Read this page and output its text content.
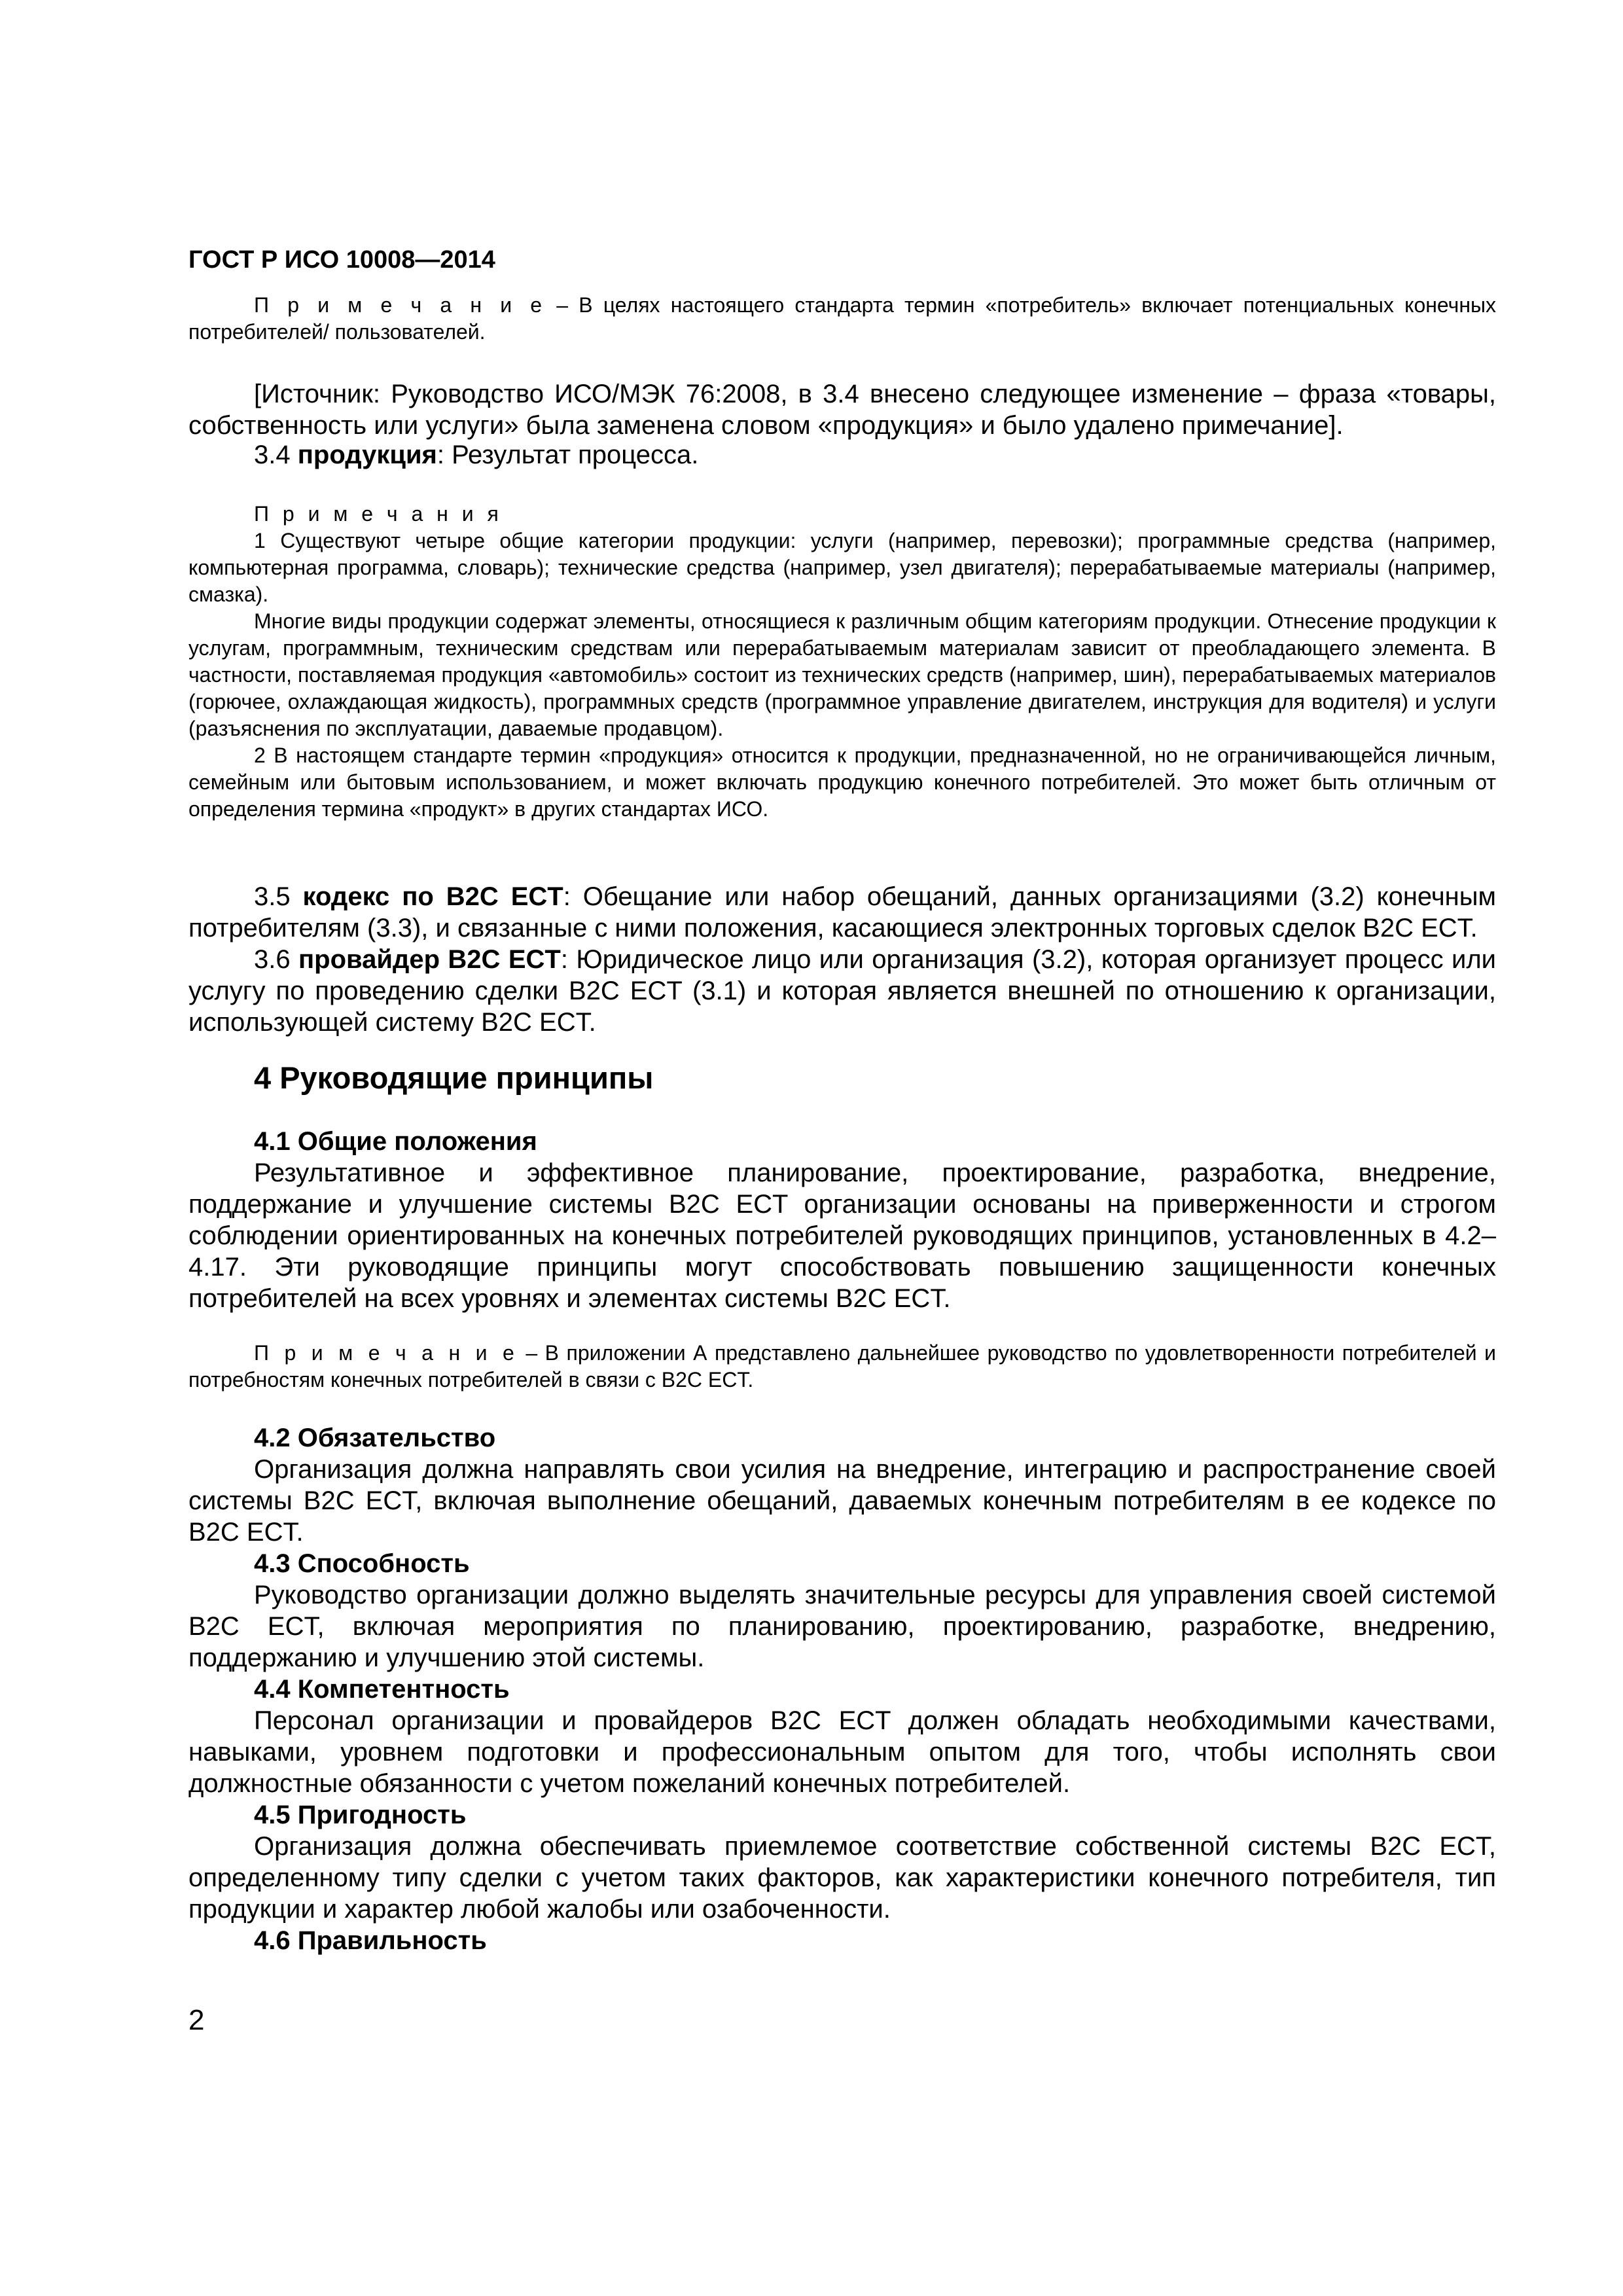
ГОСТ Р ИСО 10008—2014

П р и м е ч а н и е – В целях настоящего стандарта термин «потребитель» включает потенциальных конечных потребителей/ пользователей.

[Источник: Руководство ИСО/МЭК 76:2008, в 3.4 внесено следующее изменение – фраза «товары, собственность или услуги» была заменена словом «продукция» и было удалено примечание].

3.4 продукция: Результат процесса.

П р и м е ч а н и я

1 Существуют четыре общие категории продукции: услуги (например, перевозки); программные средства (например, компьютерная программа, словарь); технические средства (например, узел двигателя); перерабатываемые материалы (например, смазка).

Многие виды продукции содержат элементы, относящиеся к различным общим категориям продукции. Отнесение продукции к услугам, программным, техническим средствам или перерабатываемым материалам зависит от преобладающего элемента. В частности, поставляемая продукция «автомобиль» состоит из технических средств (например, шин), перерабатываемых материалов (горючее, охлаждающая жидкость), программных средств (программное управление двигателем, инструкция для водителя) и услуги (разъяснения по эксплуатации, даваемые продавцом).

2 В настоящем стандарте термин «продукция» относится к продукции, предназначенной, но не ограничивающейся личным, семейным или бытовым использованием, и может включать продукцию конечного потребителей. Это может быть отличным от определения термина «продукт» в других стандартах ИСО.

3.5 кодекс по B2C ECT: Обещание или набор обещаний, данных организациями (3.2) конечным потребителям (3.3), и связанные с ними положения, касающиеся электронных торговых сделок B2C ECT.

3.6 провайдер B2C ECT: Юридическое лицо или организация (3.2), которая организует процесс или услугу по проведению сделки B2C ECT (3.1) и которая является внешней по отношению к организации, использующей систему B2C ECT.

4 Руководящие принципы

4.1 Общие положения

Результативное и эффективное планирование, проектирование, разработка, внедрение, поддержание и улучшение системы B2C ECT организации основаны на приверженности и строгом соблюдении ориентированных на конечных потребителей руководящих принципов, установленных в 4.2–4.17. Эти руководящие принципы могут способствовать повышению защищенности конечных потребителей на всех уровнях и элементах системы B2C ECT.

П р и м е ч а н и е – В приложении А представлено дальнейшее руководство по удовлетворенности потребителей и потребностям конечных потребителей в связи с B2C ECT.

4.2 Обязательство

Организация должна направлять свои усилия на внедрение, интеграцию и распространение своей системы B2C ECT, включая выполнение обещаний, даваемых конечным потребителям в ее кодексе по B2C ECT.

4.3 Способность

Руководство организации должно выделять значительные ресурсы для управления своей системой B2C ECT, включая мероприятия по планированию, проектированию, разработке, внедрению, поддержанию и улучшению этой системы.

4.4 Компетентность

Персонал организации и провайдеров B2C ECT должен обладать необходимыми качествами, навыками, уровнем подготовки и профессиональным опытом для того, чтобы исполнять свои должностные обязанности с учетом пожеланий конечных потребителей.

4.5 Пригодность

Организация должна обеспечивать приемлемое соответствие собственной системы B2C ECT, определенному типу сделки с учетом таких факторов, как характеристики конечного потребителя, тип продукции и характер любой жалобы или озабоченности.

4.6 Правильность

2
